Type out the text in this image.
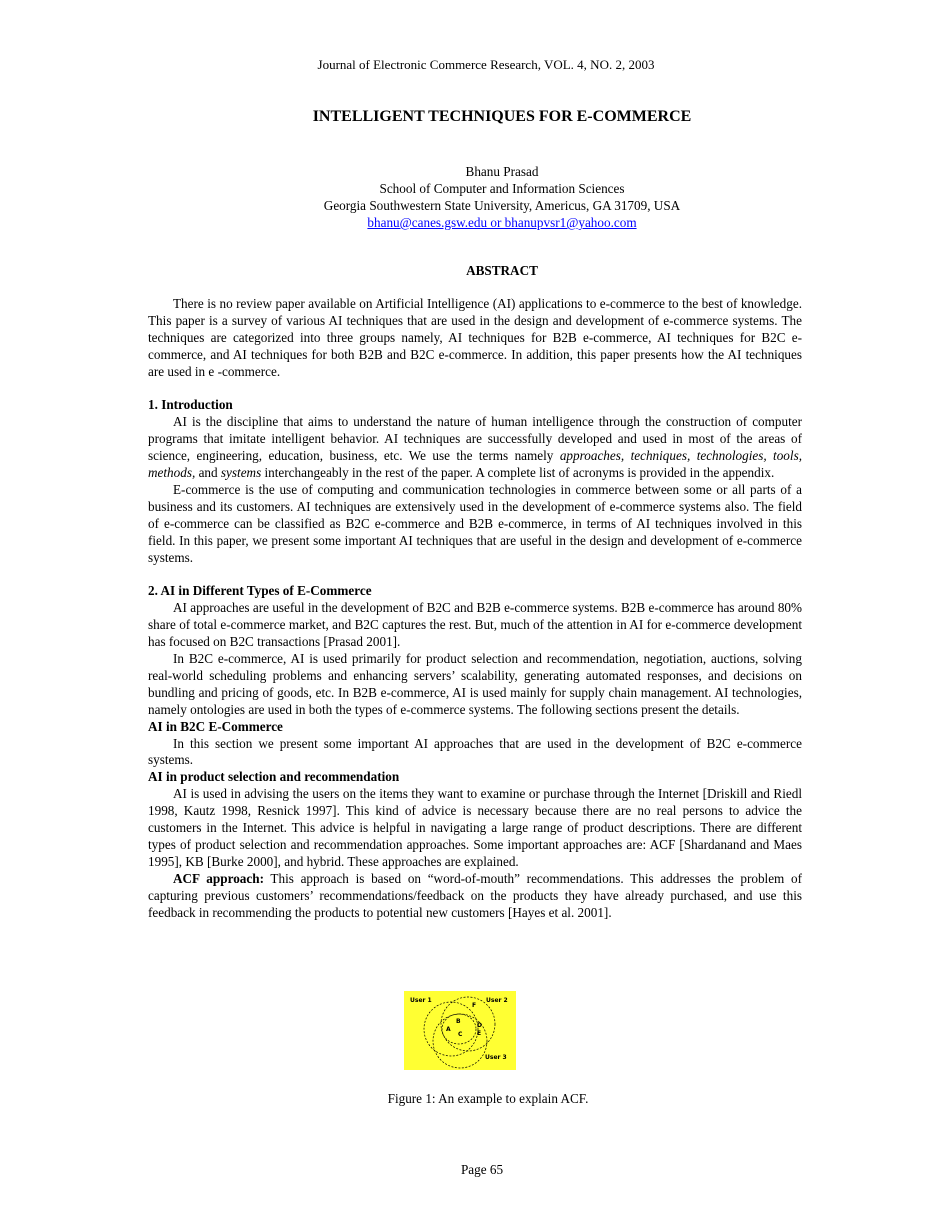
Journal of Electronic Commerce Research, VOL. 4, NO. 2, 2003
INTELLIGENT TECHNIQUES FOR E-COMMERCE
Bhanu Prasad
School of Computer and Information Sciences
Georgia Southwestern State University, Americus, GA 31709, USA
bhanu@canes.gsw.edu or bhanupvsr1@yahoo.com
ABSTRACT

There is no review paper available on Artificial Intelligence (AI) applications to e-commerce to the best of knowledge. This paper is a survey of various AI techniques that are used in the design and development of e-commerce systems. The techniques are categorized into three groups namely, AI techniques for B2B e-commerce, AI techniques for B2C e-commerce, and AI techniques for both B2B and B2C e-commerce. In addition, this paper presents how the AI techniques are used in e -commerce.

1. Introduction

AI is the discipline that aims to understand the nature of human intelligence through the construction of computer programs that imitate intelligent behavior. AI techniques are successfully developed and used in most of the areas of science, engineering, education, business, etc. We use the terms namely approaches, techniques, technologies, tools, methods, and systems interchangeably in the rest of the paper. A complete list of acronyms is provided in the appendix.

E-commerce is the use of computing and communication technologies in commerce between some or all parts of a business and its customers. AI techniques are extensively used in the development of e-commerce systems also. The field of e-commerce can be classified as B2C e-commerce and B2B e-commerce, in terms of AI techniques involved in this field. In this paper, we present some important AI techniques that are useful in the design and development of e-commerce systems.

2. AI in Different Types of E-Commerce

AI approaches are useful in the development of B2C and B2B e-commerce systems. B2B e-commerce has around 80% share of total e-commerce market, and B2C captures the rest. But, much of the attention in AI for e-commerce development has focused on B2C transactions [Prasad 2001].

In B2C e-commerce, AI is used primarily for product selection and recommendation, negotiation, auctions, solving real-world scheduling problems and enhancing servers’ scalability, generating automated responses, and decisions on bundling and pricing of goods, etc. In B2B e-commerce, AI is used mainly for supply chain management. AI technologies, namely ontologies are used in both the types of e-commerce systems. The following sections present the details.

AI in B2C E-Commerce

In this section we present some important AI approaches that are used in the development of B2C e-commerce systems.

AI in product selection and recommendation

AI is used in advising the users on the items they want to examine or purchase through the Internet [Driskill and Riedl 1998, Kautz 1998, Resnick 1997]. This kind of advice is necessary because there are no real persons to advice the customers in the Internet. This advice is helpful in navigating a large range of product descriptions. There are different types of product selection and recommendation approaches. Some important approaches are: ACF [Shardanand and Maes 1995], KB [Burke 2000], and hybrid. These approaches are explained.

ACF approach: This approach is based on “word-of-mouth” recommendations. This addresses the problem of capturing previous customers’ recommendations/feedback on the products they have already purchased, and use this feedback in recommending the products to potential new customers [Hayes et al. 2001].

User 1	User 2
User 3
F
B
A
D
C E
Figure 1: An example to explain ACF.
Page 65
